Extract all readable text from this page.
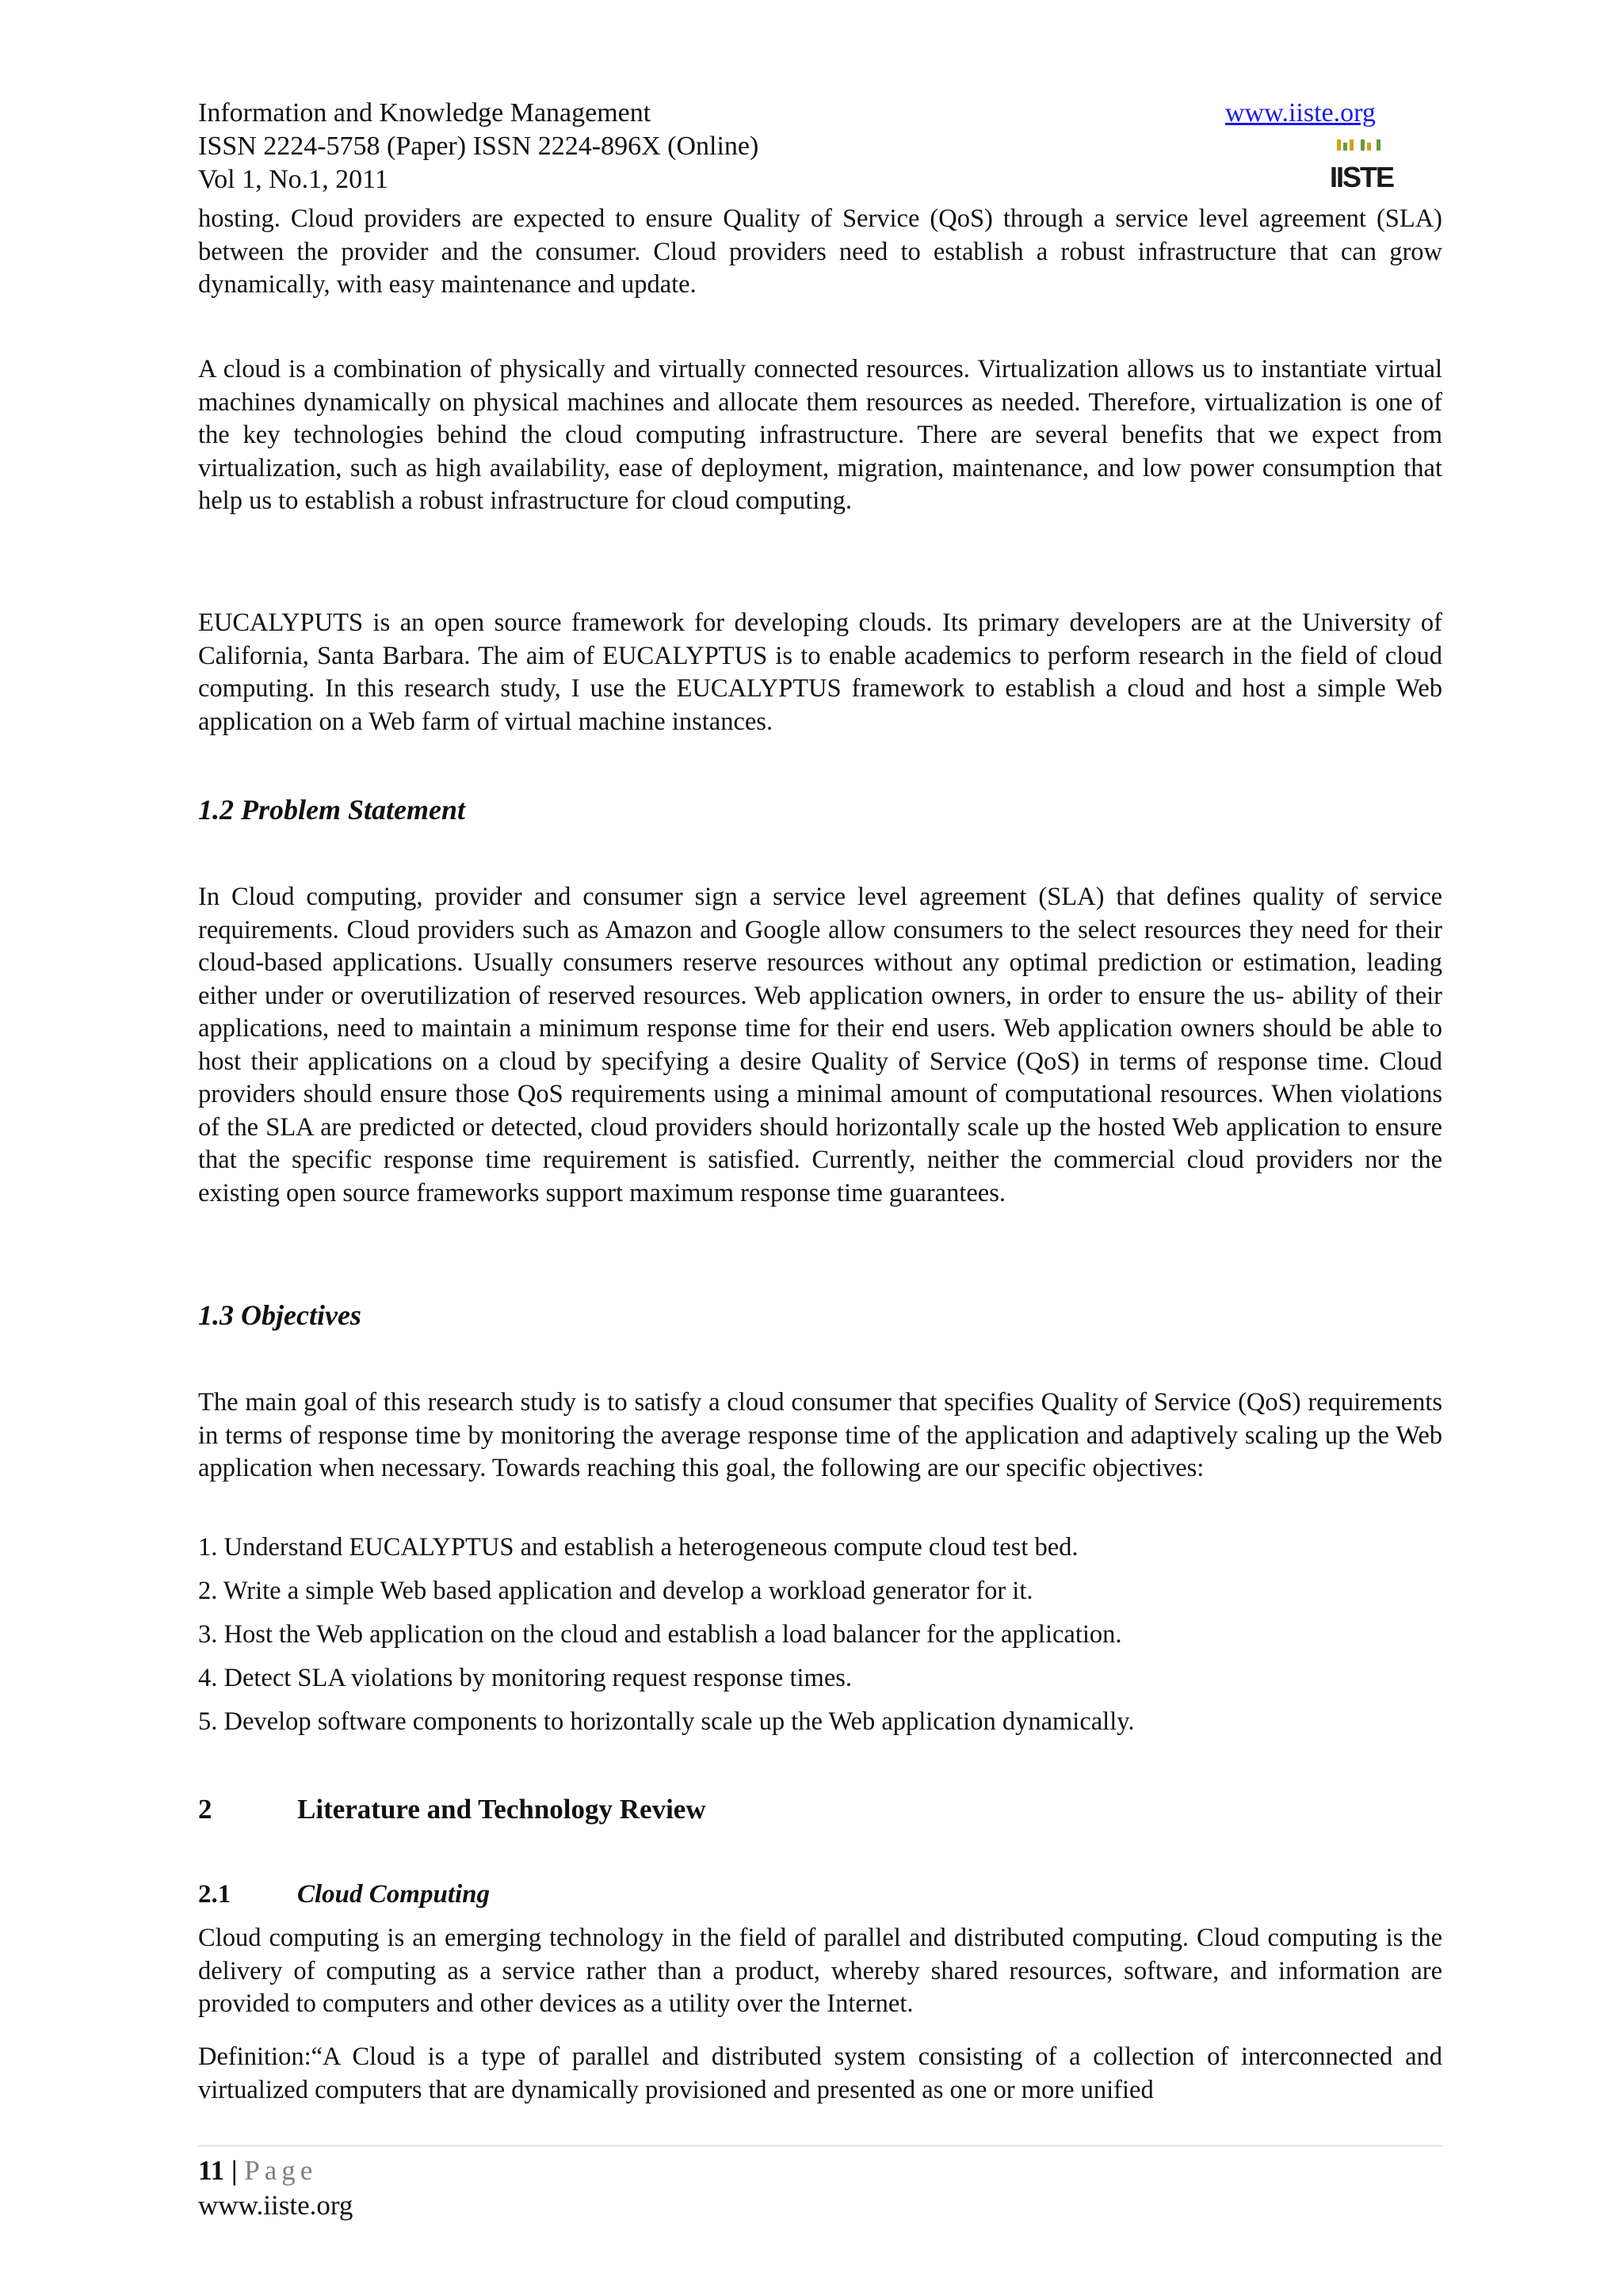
Information and Knowledge Management
ISSN 2224-5758 (Paper) ISSN 2224-896X (Online)
Vol 1, No.1, 2011
www.iiste.org
IISTE

hosting. Cloud providers are expected to ensure Quality of Service (QoS) through a service level agreement (SLA) between the provider and the consumer. Cloud providers need to establish a robust infrastructure that can grow dynamically, with easy maintenance and update.

A cloud is a combination of physically and virtually connected resources. Virtualization allows us to instantiate virtual machines dynamically on physical machines and allocate them resources as needed. Therefore, virtualization is one of the key technologies behind the cloud computing infrastructure. There are several benefits that we expect from virtualization, such as high availability, ease of deployment, migration, maintenance, and low power consumption that help us to establish a robust infrastructure for cloud computing.

EUCALYPUTS is an open source framework for developing clouds. Its primary developers are at the University of California, Santa Barbara. The aim of EUCALYPTUS is to enable academics to perform research in the field of cloud computing. In this research study, I use the EUCALYPTUS framework to establish a cloud and host a simple Web application on a Web farm of virtual machine instances.

1.2 Problem Statement

In Cloud computing, provider and consumer sign a service level agreement (SLA) that defines quality of service requirements. Cloud providers such as Amazon and Google allow consumers to the select resources they need for their cloud-based applications. Usually consumers reserve resources without any optimal prediction or estimation, leading either under or overutilization of reserved resources. Web application owners, in order to ensure the us- ability of their applications, need to maintain a minimum response time for their end users. Web application owners should be able to host their applications on a cloud by specifying a desire Quality of Service (QoS) in terms of response time. Cloud providers should ensure those QoS requirements using a minimal amount of computational resources. When violations of the SLA are predicted or detected, cloud providers should horizontally scale up the hosted Web application to ensure that the specific response time requirement is satisfied. Currently, neither the commercial cloud providers nor the existing open source frameworks support maximum response time guarantees.

1.3 Objectives

The main goal of this research study is to satisfy a cloud consumer that specifies Quality of Service (QoS) requirements in terms of response time by monitoring the average response time of the application and adaptively scaling up the Web application when necessary. Towards reaching this goal, the following are our specific objectives:

1. Understand EUCALYPTUS and establish a heterogeneous compute cloud test bed.
2. Write a simple Web based application and develop a workload generator for it.
3. Host the Web application on the cloud and establish a load balancer for the application.
4. Detect SLA violations by monitoring request response times.
5. Develop software components to horizontally scale up the Web application dynamically.
2	Literature and Technology Review
2.1	Cloud Computing

Cloud computing is an emerging technology in the field of parallel and distributed computing. Cloud computing is the delivery of computing as a service rather than a product, whereby shared resources, software, and information are provided to computers and other devices as a utility over the Internet.

Definition:“A Cloud is a type of parallel and distributed system consisting of a collection of interconnected and virtualized computers that are dynamically provisioned and presented as one or more unified

11 | Page
www.iiste.org
